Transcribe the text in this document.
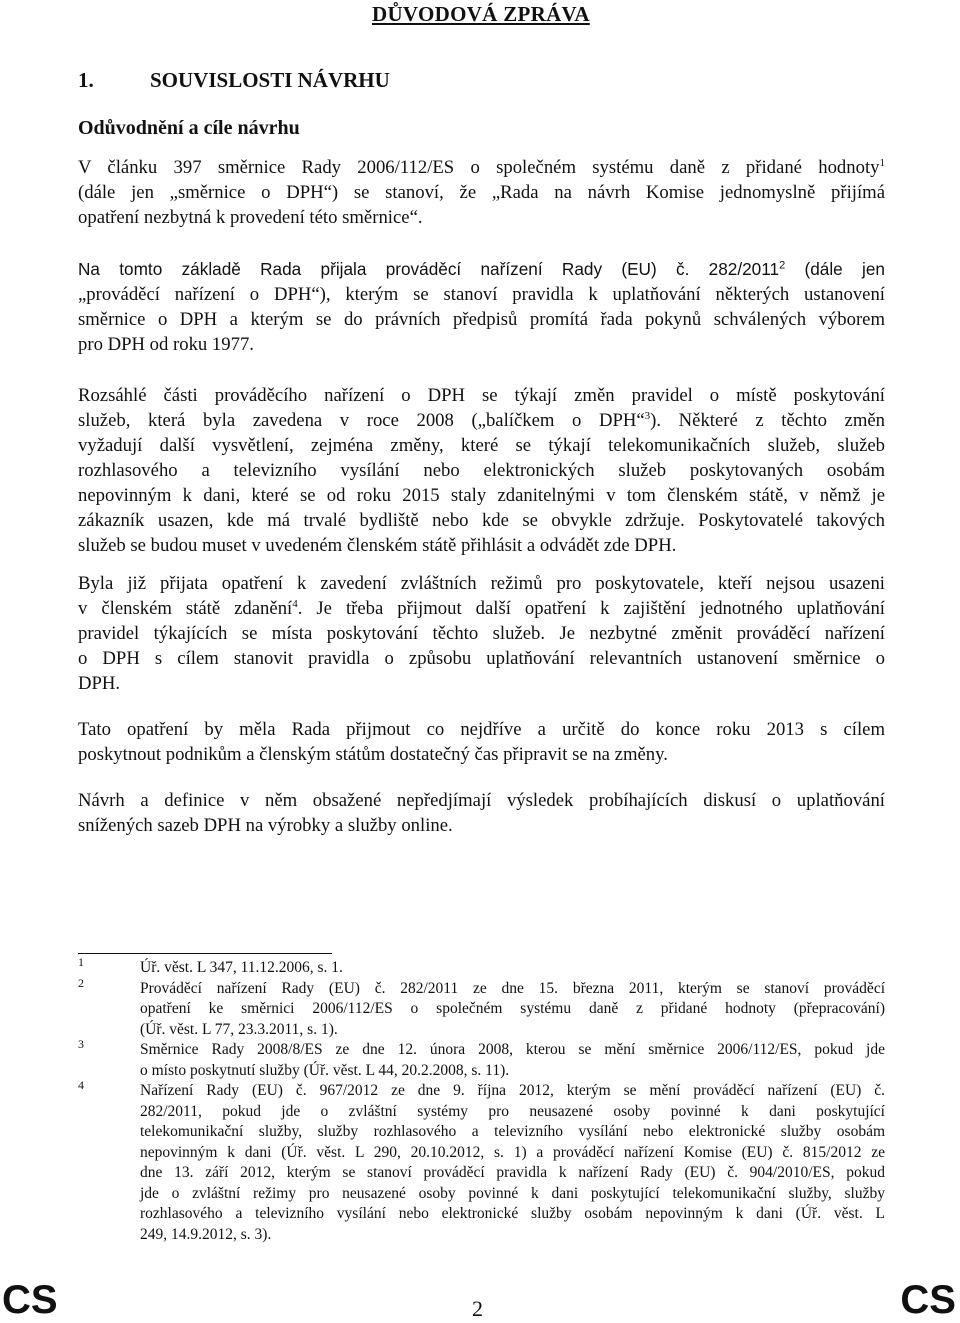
DŮVODOVÁ ZPRÁVA
1.	SOUVISLOSTI NÁVRHU
Odůvodnění a cíle návrhu

V článku 397 směrnice Rady 2006/112/ES o společném systému daně z přidané hodnoty$^1$
(dále jen „směrnice o DPH“) se stanoví, že „Rada na návrh Komise jednomyslně přijímá
opatření nezbytná k provedení této směrnice“.

Na tomto základě Rada přijala prováděcí nařízení Rady (EU) č. 282/2011$^2$ (dále jen
„prováděcí nařízení o DPH“), kterým se stanoví pravidla k uplatňování některých ustanovení
směrnice o DPH a kterým se do právních předpisů promítá řada pokynů schválených výborem
pro DPH od roku 1977.
Rozsáhlé části prováděcího nařízení o DPH se týkají změn pravidel o místě poskytování
služeb, která byla zavedena v roce 2008 („balíčkem o DPH“$^3$). Některé z těchto změn
vyžadují další vysvětlení, zejména změny, které se týkají telekomunikačních služeb, služeb
rozhlasového a televizního vysílání nebo elektronických služeb poskytovaných osobám
nepovinným k dani, které se od roku 2015 staly zdanitelnými v tom členském státě, v němž je
zákazník usazen, kde má trvalé bydliště nebo kde se obvykle zdržuje. Poskytovatelé takových
služeb se budou muset v uvedeném členském státě přihlásit a odvádět zde DPH.
Byla již přijata opatření k zavedení zvláštních režimů pro poskytovatele, kteří nejsou usazeni
v členském státě zdanění$^4$. Je třeba přijmout další opatření k zajištění jednotného uplatňování
pravidel týkajících se místa poskytování těchto služeb. Je nezbytné změnit prováděcí nařízení
o DPH s cílem stanovit pravidla o způsobu uplatňování relevantních ustanovení směrnice o
DPH.
Tato opatření by měla Rada přijmout co nejdříve a určitě do konce roku 2013 s cílem
poskytnout podnikům a členským státům dostatečný čas připravit se na změny.
Návrh a definice v něm obsažené nepředjímají výsledek probíhajících diskusí o uplatňování
snížených sazeb DPH na výrobky a služby online.
1	Úř. věst. L 347, 11.12.2006, s. 1.
2	Prováděcí nařízení Rady (EU) č. 282/2011 ze dne 15. března 2011, kterým se stanoví prováděcí
opatření ke směrnici 2006/112/ES o společném systému daně z přidané hodnoty (přepracování)
(Úř. věst. L 77, 23.3.2011, s. 1).
3	Směrnice Rady 2008/8/ES ze dne 12. února 2008, kterou se mění směrnice 2006/112/ES, pokud jde
o místo poskytnutí služby (Úř. věst. L 44, 20.2.2008, s. 11).
4	Nařízení Rady (EU) č. 967/2012 ze dne 9. října 2012, kterým se mění prováděcí nařízení (EU) č.
282/2011, pokud jde o zvláštní systémy pro neusazené osoby povinné k dani poskytující
telekomunikační služby, služby rozhlasového a televizního vysílání nebo elektronické služby osobám
nepovinným k dani (Úř. věst. L 290, 20.10.2012, s. 1) a prováděcí nařízení Komise (EU) č. 815/2012 ze
dne 13. září 2012, kterým se stanoví prováděcí pravidla k nařízení Rady (EU) č. 904/2010/ES, pokud
jde o zvláštní režimy pro neusazené osoby povinné k dani poskytující telekomunikační služby, služby
rozhlasového a televizního vysílání nebo elektronické služby osobám nepovinným k dani (Úř. věst. L
249, 14.9.2012, s. 3).
CS	2	CS
